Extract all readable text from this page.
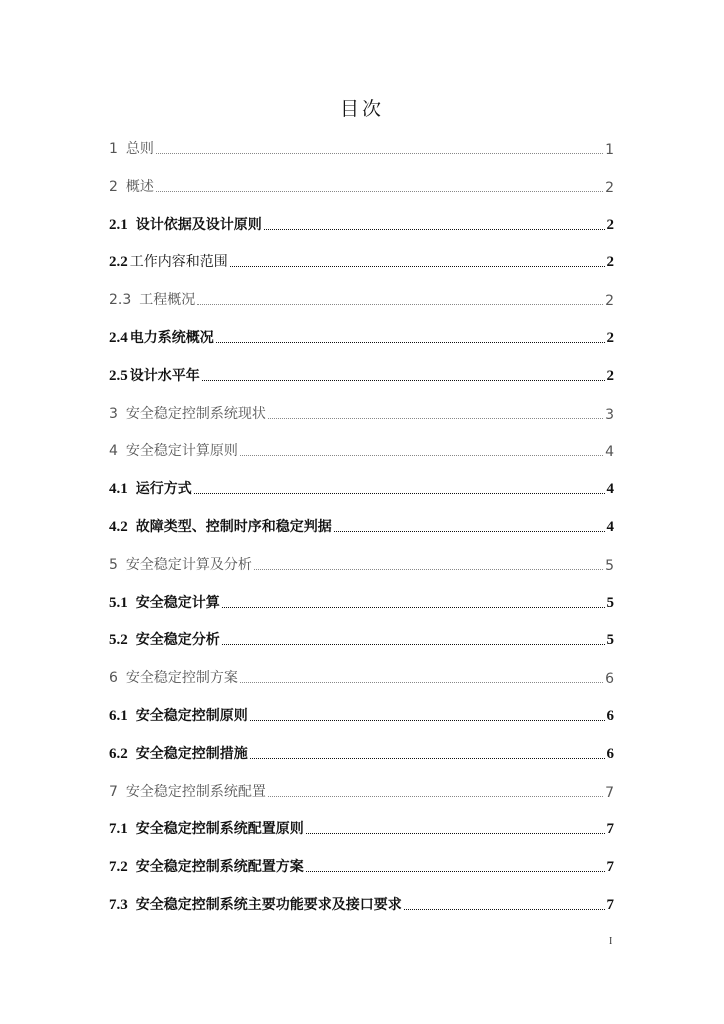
目次
1 总则	1
2 概述	2
2.1 设计依据及设计原则	2
2.2 工作内容和范围	2
2.3 工程概况	2
2.4 电力系统概况	2
2.5 设计水平年	2
3 安全稳定控制系统现状	3
4 安全稳定计算原则	4
4.1 运行方式	4
4.2 故障类型、控制时序和稳定判据	4
5 安全稳定计算及分析	5
5.1 安全稳定计算	5
5.2 安全稳定分析	5
6 安全稳定控制方案	6
6.1 安全稳定控制原则	6
6.2 安全稳定控制措施	6
7 安全稳定控制系统配置	7
7.1 安全稳定控制系统配置原则	7
7.2 安全稳定控制系统配置方案	7
7.3 安全稳定控制系统主要功能要求及接口要求	7
I
